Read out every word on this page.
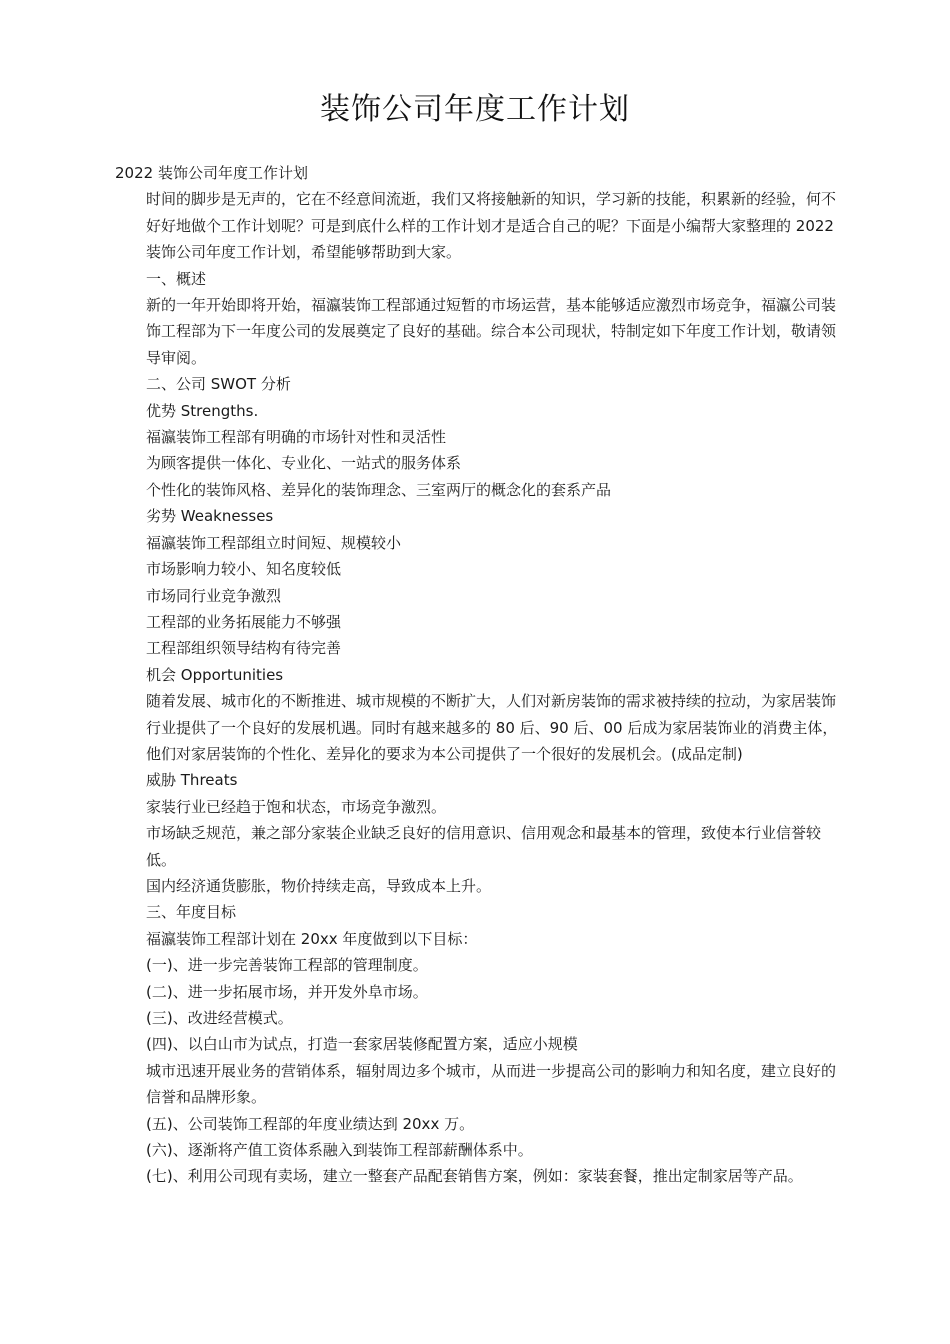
装饰公司年度工作计划

2022 装饰公司年度工作计划

时间的脚步是无声的，它在不经意间流逝，我们又将接触新的知识，学习新的技能，积累新的经验，何不好好地做个工作计划呢？可是到底什么样的工作计划才是适合自己的呢？下面是小编帮大家整理的 2022 装饰公司年度工作计划，希望能够帮助到大家。

一、概述

新的一年开始即将开始，福瀛装饰工程部通过短暂的市场运营，基本能够适应激烈市场竞争，福瀛公司装饰工程部为下一年度公司的发展奠定了良好的基础。综合本公司现状，特制定如下年度工作计划，敬请领导审阅。

二、公司 SWOT 分析

优势 Strengths.

福瀛装饰工程部有明确的市场针对性和灵活性

为顾客提供一体化、专业化、一站式的服务体系

个性化的装饰风格、差异化的装饰理念、三室两厅的概念化的套系产品

劣势 Weaknesses

福瀛装饰工程部组立时间短、规模较小

市场影响力较小、知名度较低

市场同行业竞争激烈

工程部的业务拓展能力不够强

工程部组织领导结构有待完善

机会 Opportunities

随着发展、城市化的不断推进、城市规模的不断扩大，人们对新房装饰的需求被持续的拉动，为家居装饰行业提供了一个良好的发展机遇。同时有越来越多的 80 后、90 后、00 后成为家居装饰业的消费主体，他们对家居装饰的个性化、差异化的要求为本公司提供了一个很好的发展机会。(成品定制)

威胁 Threats

家装行业已经趋于饱和状态，市场竞争激烈。

市场缺乏规范，兼之部分家装企业缺乏良好的信用意识、信用观念和最基本的管理，致使本行业信誉较低。

国内经济通货膨胀，物价持续走高，导致成本上升。

三、年度目标

福瀛装饰工程部计划在 20xx 年度做到以下目标：

(一)、进一步完善装饰工程部的管理制度。

(二)、进一步拓展市场，并开发外阜市场。

(三)、改进经营模式。

(四)、以白山市为试点，打造一套家居装修配置方案，适应小规模

城市迅速开展业务的营销体系，辐射周边多个城市，从而进一步提高公司的影响力和知名度，建立良好的信誉和品牌形象。

(五)、公司装饰工程部的年度业绩达到 20xx 万。

(六)、逐渐将产值工资体系融入到装饰工程部薪酬体系中。

(七)、利用公司现有卖场，建立一整套产品配套销售方案，例如：家装套餐，推出定制家居等产品。
